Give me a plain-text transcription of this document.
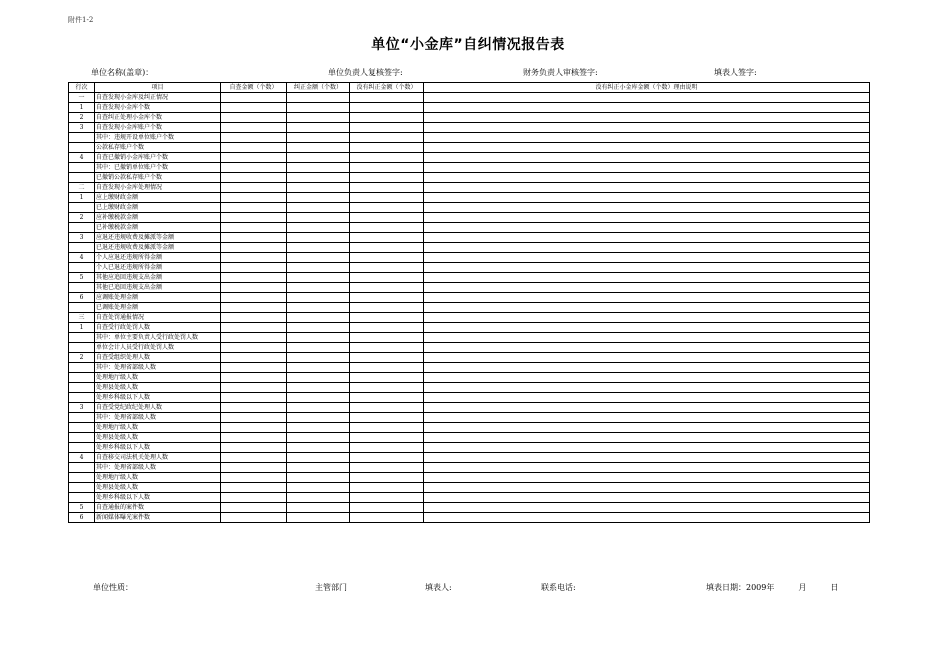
附件1-2
单位“小金库”自纠情况报告表
单位名称(盖章)：	单位负责人复核签字:	财务负责人审核签字:	填表人签字:
行次	项目	自查金额（个数）	纠正金额（个数）	没有纠正金额（个数）	没有纠正小金库金额（个数）理由说明
一	自查发现小金库及纠正情况				
1	自查发现小金库个数				
2	自查纠正处理小金库个数				
3	自查发现小金库账户个数				
	其中：违规开设单位账户个数				
	公款私存账户个数				
4	自查已撤销小金库账户个数				
	其中：已撤销单位账户个数				
	已撤销公款私存账户个数				
二	自查发现小金库处理情况				
1	应上缴财政金额				
	已上缴财政金额				
2	应补缴税款金额				
	已补缴税款金额				
3	应退还违规收费及摊派等金额				
	已退还违规收费及摊派等金额				
4	个人应退还违规所得金额				
	个人已退还违规所得金额				
5	其他应追回违规支出金额				
	其他已追回违规支出金额				
6	应调账处理金额				
	已调账处理金额				
三	自查处罚通报情况				
1	自查受行政处罚人数				
	其中：单位主要负责人受行政处罚人数				
	单位会计人员受行政处罚人数				
2	自查受组织处理人数				
	其中：处理省部级人数				
	处理地厅级人数				
	处理县处级人数				
	处理乡科级以下人数				
3	自查受党纪政纪处理人数				
	其中：处理省部级人数				
	处理地厅级人数				
	处理县处级人数				
	处理乡科级以下人数				
4	自查移交司法机关处理人数				
	其中：处理省部级人数				
	处理地厅级人数				
	处理县处级人数				
	处理乡科级以下人数				
5	自查通报的案件数				
6	新闻媒体曝光案件数				
单位性质：	主管部门	填表人:	联系电话:	填表日期：2009年　　　月　　　日
